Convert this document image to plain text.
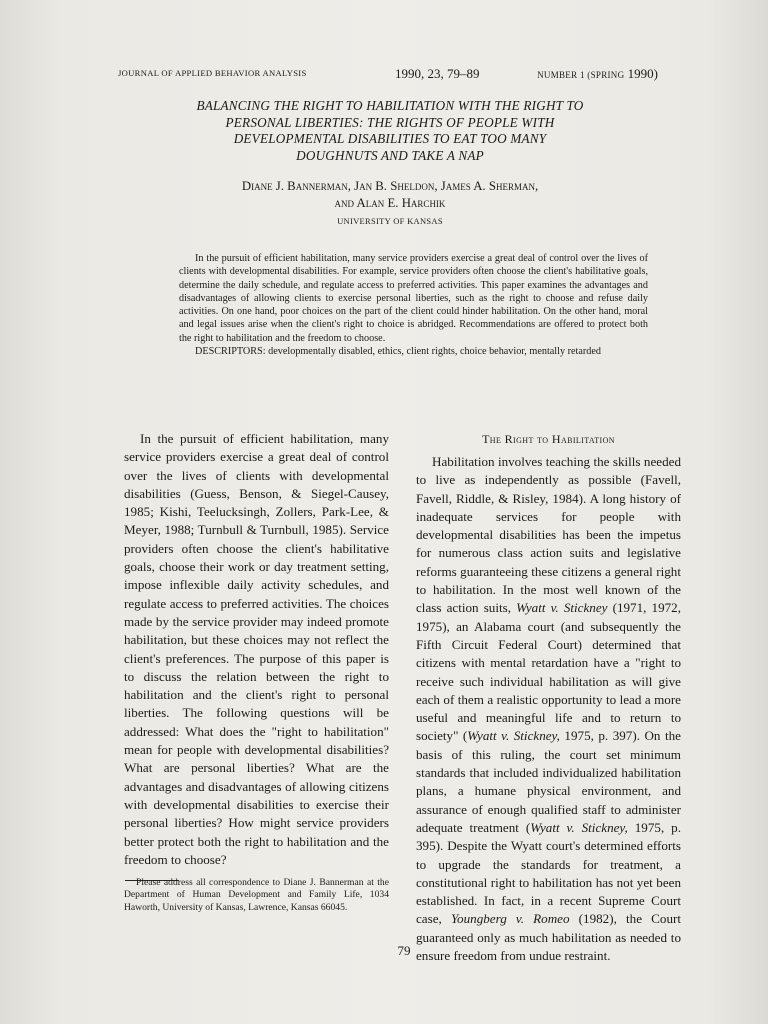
JOURNAL OF APPLIED BEHAVIOR ANALYSIS	1990, 23, 79–89	NUMBER 1 (SPRING 1990)
BALANCING THE RIGHT TO HABILITATION WITH THE RIGHT TO
PERSONAL LIBERTIES: THE RIGHTS OF PEOPLE WITH
DEVELOPMENTAL DISABILITIES TO EAT TOO MANY
DOUGHNUTS AND TAKE A NAP
Diane J. Bannerman, Jan B. Sheldon, James A. Sherman,
and Alan E. Harchik
UNIVERSITY OF KANSAS

In the pursuit of efficient habilitation, many service providers exercise a great deal of control over the lives of clients with developmental disabilities. For example, service providers often choose the client's habilitative goals, determine the daily schedule, and regulate access to preferred activities. This paper examines the advantages and disadvantages of allowing clients to exercise personal liberties, such as the right to choose and refuse daily activities. On one hand, poor choices on the part of the client could hinder habilitation. On the other hand, moral and legal issues arise when the client's right to choice is abridged. Recommendations are offered to protect both the right to habilitation and the freedom to choose.

DESCRIPTORS: developmentally disabled, ethics, client rights, choice behavior, mentally retarded

In the pursuit of efficient habilitation, many service providers exercise a great deal of control over the lives of clients with developmental disabilities (Guess, Benson, & Siegel-Causey, 1985; Kishi, Teelucksingh, Zollers, Park-Lee, & Meyer, 1988; Turnbull & Turnbull, 1985). Service providers often choose the client's habilitative goals, choose their work or day treatment setting, impose inflexible daily activity schedules, and regulate access to preferred activities. The choices made by the service provider may indeed promote habilitation, but these choices may not reflect the client's preferences. The purpose of this paper is to discuss the relation between the right to habilitation and the client's right to personal liberties. The following questions will be addressed: What does the "right to habilitation" mean for people with developmental disabilities? What are personal liberties? What are the advantages and disadvantages of allowing citizens with developmental disabilities to exercise their personal liberties? How might service providers better protect both the right to habilitation and the freedom to choose?

Please address all correspondence to Diane J. Bannerman at the Department of Human Development and Family Life, 1034 Haworth, University of Kansas, Lawrence, Kansas 66045.

The Right to Habilitation

Habilitation involves teaching the skills needed to live as independently as possible (Favell, Favell, Riddle, & Risley, 1984). A long history of inadequate services for people with developmental disabilities has been the impetus for numerous class action suits and legislative reforms guaranteeing these citizens a general right to habilitation. In the most well known of the class action suits, Wyatt v. Stickney (1971, 1972, 1975), an Alabama court (and subsequently the Fifth Circuit Federal Court) determined that citizens with mental retardation have a "right to receive such individual habilitation as will give each of them a realistic opportunity to lead a more useful and meaningful life and to return to society" (Wyatt v. Stickney, 1975, p. 397). On the basis of this ruling, the court set minimum standards that included individualized habilitation plans, a humane physical environment, and assurance of enough qualified staff to administer adequate treatment (Wyatt v. Stickney, 1975, p. 395). Despite the Wyatt court's determined efforts to upgrade the standards for treatment, a constitutional right to habilitation has not yet been established. In fact, in a recent Supreme Court case, Youngberg v. Romeo (1982), the Court guaranteed only as much habilitation as needed to ensure freedom from undue restraint.

79
